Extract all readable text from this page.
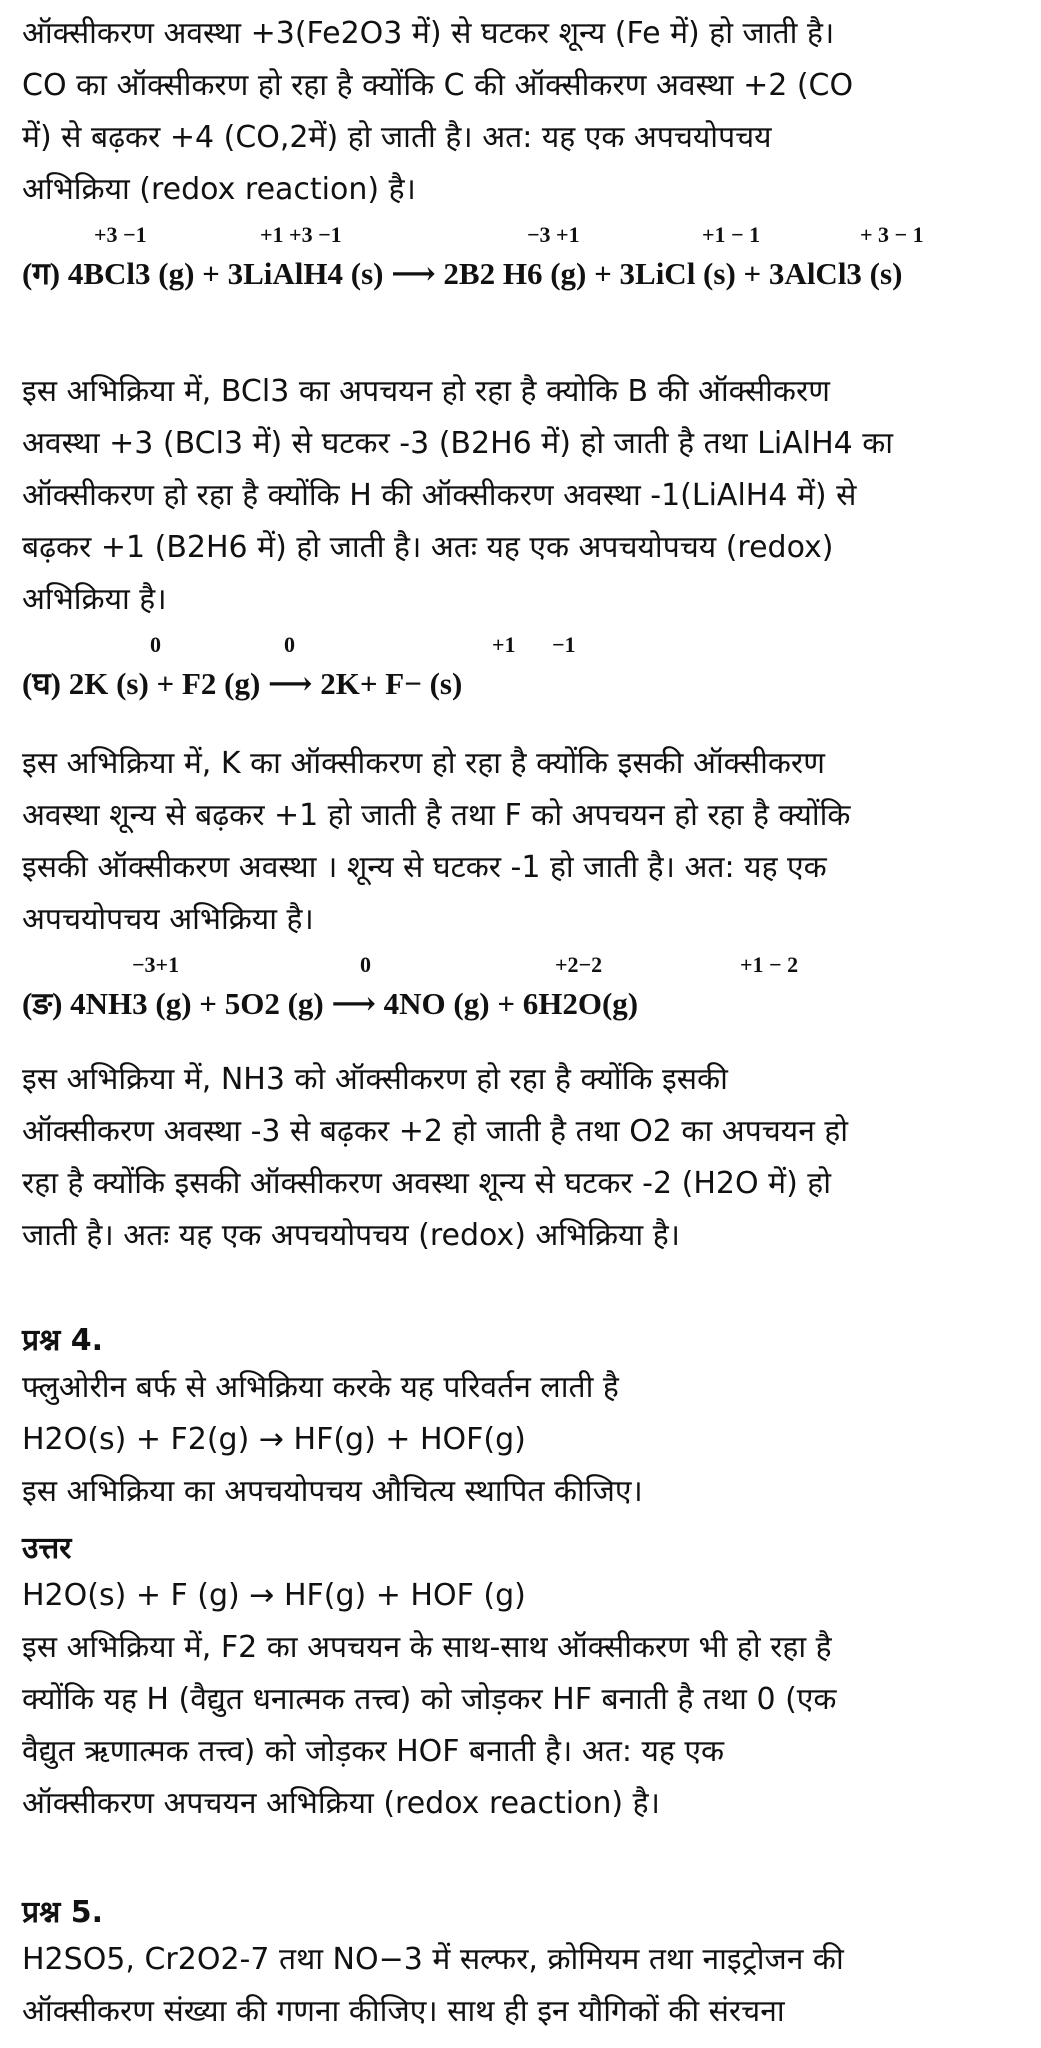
ऑक्सीकरण अवस्था +3(Fe2O3 में) से घटकर शून्य (Fe में) हो जाती है।
CO का ऑक्सीकरण हो रहा है क्योंकि C की ऑक्सीकरण अवस्था +2 (CO
में) से बढ़कर +4 (CO,2में) हो जाती है। अत: यह एक अपचयोपचय
अभिक्रिया (redox reaction) है।
+3 −1	+1 +3 −1	−3 +1	+1 − 1	+ 3 − 1
(ग) 4BCl3 (g) + 3LiAlH4 (s) ⟶ 2B2 H6 (g) + 3LiCl (s) + 3AlCl3 (s)
इस अभिक्रिया में, BCl3 का अपचयन हो रहा है क्योकि B की ऑक्सीकरण
अवस्था +3 (BCl3 में) से घटकर -3 (B2H6 में) हो जाती है तथा LiAlH4 का
ऑक्सीकरण हो रहा है क्योंकि H की ऑक्सीकरण अवस्था -1(LiAlH4 में) से
बढ़कर +1 (B2H6 में) हो जाती है। अतः यह एक अपचयोपचय (redox)
अभिक्रिया है।
0	0	+1 −1
(घ) 2K (s) + F2 (g) ⟶ 2K+ F− (s)
इस अभिक्रिया में, K का ऑक्सीकरण हो रहा है क्योंकि इसकी ऑक्सीकरण
अवस्था शून्य से बढ़कर +1 हो जाती है तथा F को अपचयन हो रहा है क्योंकि
इसकी ऑक्सीकरण अवस्था । शून्य से घटकर -1 हो जाती है। अत: यह एक
अपचयोपचय अभिक्रिया है।
−3+1	0	+2−2	+1 − 2
(ङ) 4NH3 (g) + 5O2 (g) ⟶ 4NO (g) + 6H2O(g)
इस अभिक्रिया में, NH3 को ऑक्सीकरण हो रहा है क्योंकि इसकी
ऑक्सीकरण अवस्था -3 से बढ़कर +2 हो जाती है तथा O2 का अपचयन हो
रहा है क्योंकि इसकी ऑक्सीकरण अवस्था शून्य से घटकर -2 (H2O में) हो
जाती है। अतः यह एक अपचयोपचय (redox) अभिक्रिया है।
प्रश्न 4.
फ्लुओरीन बर्फ से अभिक्रिया करके यह परिवर्तन लाती है
H2O(s) + F2(g) → HF(g) + HOF(g)
इस अभिक्रिया का अपचयोपचय औचित्य स्थापित कीजिए।
उत्तर
H2O(s) + F (g) → HF(g) + HOF (g)
इस अभिक्रिया में, F2 का अपचयन के साथ-साथ ऑक्सीकरण भी हो रहा है
क्योंकि यह H (वैद्युत धनात्मक तत्त्व) को जोड़कर HF बनाती है तथा 0 (एक
वैद्युत ऋणात्मक तत्त्व) को जोड़कर HOF बनाती है। अत: यह एक
ऑक्सीकरण अपचयन अभिक्रिया (redox reaction) है।
प्रश्न 5.
H2SO5, Cr2O2-7 तथा NO−3 में सल्फर, क्रोमियम तथा नाइट्रोजन की
ऑक्सीकरण संख्या की गणना कीजिए। साथ ही इन यौगिकों की संरचना
